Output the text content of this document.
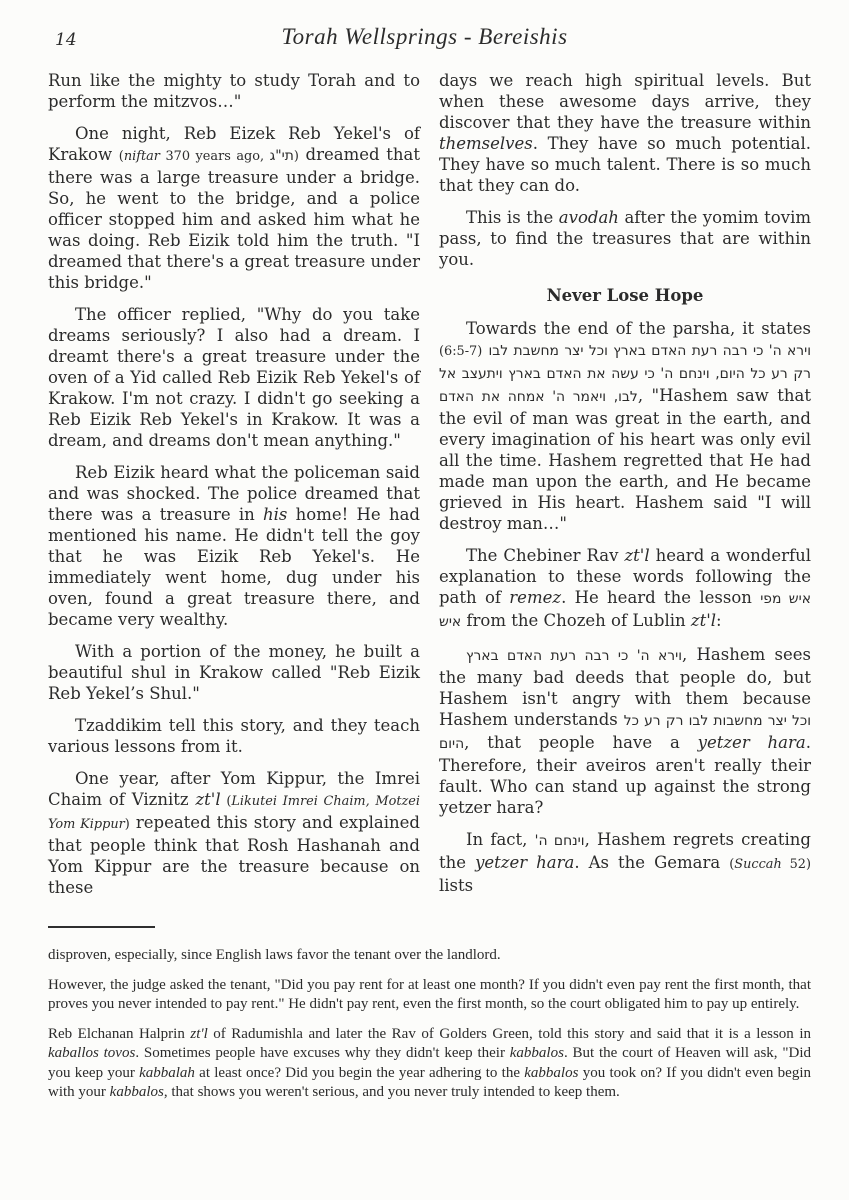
14	Torah Wellsprings - Bereishis

Run like the mighty to study Torah and to perform the mitzvos…"

One night, Reb Eizek Reb Yekel's of Krakow (niftar 370 years ago, תי"ג) dreamed that there was a large treasure under a bridge. So, he went to the bridge, and a police officer stopped him and asked him what he was doing. Reb Eizik told him the truth. "I dreamed that there's a great treasure under this bridge."

The officer replied, "Why do you take dreams seriously? I also had a dream. I dreamt there's a great treasure under the oven of a Yid called Reb Eizik Reb Yekel's of Krakow. I'm not crazy. I didn't go seeking a Reb Eizik Reb Yekel's in Krakow. It was a dream, and dreams don't mean anything."

Reb Eizik heard what the policeman said and was shocked. The police dreamed that there was a treasure in his home! He had mentioned his name. He didn't tell the goy that he was Eizik Reb Yekel's. He immediately went home, dug under his oven, found a great treasure there, and became very wealthy.

With a portion of the money, he built a beautiful shul in Krakow called "Reb Eizik Reb Yekel’s Shul."

Tzaddikim tell this story, and they teach various lessons from it.

One year, after Yom Kippur, the Imrei Chaim of Viznitz zt'l (Likutei Imrei Chaim, Motzei Yom Kippur) repeated this story and explained that people think that Rosh Hashanah and Yom Kippur are the treasure because on these

days we reach high spiritual levels. But when these awesome days arrive, they discover that they have the treasure within themselves. They have so much potential. They have so much talent. There is so much that they can do.

This is the avodah after the yomim tovim pass, to find the treasures that are within you.

Never Lose Hope

Towards the end of the parsha, it states (6:5-7) וירא ה' כי רבה רעת האדם בארץ וכל יצר מחשבת לבו רק רע כל היום, וינחם ה' כי עשה את האדם בארץ ויתעצב אל לבו, ויאמר ה' אמחה את האדם, "Hashem saw that the evil of man was great in the earth, and every imagination of his heart was only evil all the time. Hashem regretted that He had made man upon the earth, and He became grieved in His heart. Hashem said "I will destroy man…"

The Chebiner Rav zt'l heard a wonderful explanation to these words following the path of remez. He heard the lesson איש מפי איש from the Chozeh of Lublin zt'l:

וירא ה' כי רבה רעת האדם בארץ, Hashem sees the many bad deeds that people do, but Hashem isn't angry with them because Hashem understands וכל יצר מחשבות לבו רק רע כל היום, that people have a yetzer hara. Therefore, their aveiros aren't really their fault. Who can stand up against the strong yetzer hara?

In fact, וינחם ה', Hashem regrets creating the yetzer hara. As the Gemara (Succah 52) lists

disproven, especially, since English laws favor the tenant over the landlord.

However, the judge asked the tenant, "Did you pay rent for at least one month? If you didn't even pay rent the first month, that proves you never intended to pay rent." He didn't pay rent, even the first month, so the court obligated him to pay up entirely.

Reb Elchanan Halprin zt'l of Radumishla and later the Rav of Golders Green, told this story and said that it is a lesson in kaballos tovos. Sometimes people have excuses why they didn't keep their kabbalos. But the court of Heaven will ask, "Did you keep your kabbalah at least once? Did you begin the year adhering to the kabbalos you took on? If you didn't even begin with your kabbalos, that shows you weren't serious, and you never truly intended to keep them.
